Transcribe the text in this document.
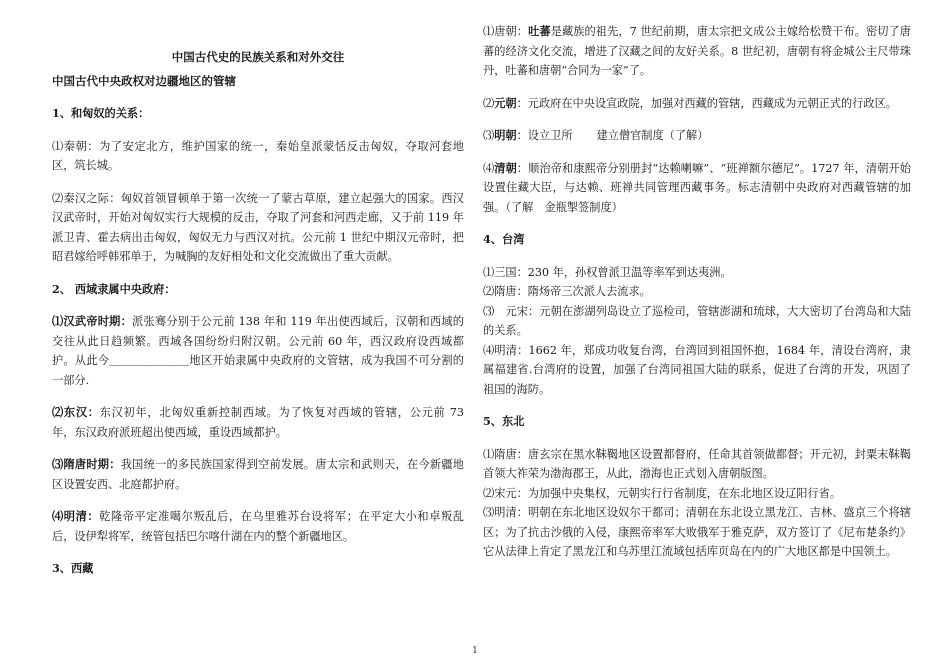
中国古代史的民族关系和对外交往

中国古代中央政权对边疆地区的管辖

1、和匈奴的关系：

⑴秦朝：为了安定北方，维护国家的统一，秦始皇派蒙恬反击匈奴，夺取河套地区，筑长城。

⑵秦汉之际：匈奴首领冒顿单于第一次统一了蒙古草原，建立起强大的国家。西汉汉武帝时，开始对匈奴实行大规模的反击，夺取了河套和河西走廊，又于前 119 年派卫青、霍去病出击匈奴，匈奴无力与西汉对抗。公元前 1 世纪中期汉元帝时，把昭君嫁给呼韩邪单于，为喊胸的友好相处和文化交流做出了重大贡献。

2、 西域隶属中央政府：

⑴汉武帝时期：派张骞分别于公元前 138 年和 119 年出使西域后，汉朝和西域的交往从此日趋频繁。西域各国纷纷归附汉朝。公元前 60 年，西汉政府设西域都护。从此今＿＿＿＿＿＿＿地区开始隶属中央政府的文管辖，成为我国不可分割的一部分.

⑵东汉：东汉初年，北匈奴重新控制西域。为了恢复对西域的管辖，公元前 73 年，东汉政府派班超出使西域，重设西域都护。

⑶隋唐时期：我国统一的多民族国家得到空前发展。唐太宗和武则天，在今新疆地区设置安西、北庭都护府。

⑷明清：乾隆帝平定准噶尔叛乱后，在乌里雅苏台设将军；在平定大小和卓叛乱后，设伊犁将军，统管包括巴尔喀什湖在内的整个新疆地区。

3、西藏

⑴唐朝：吐蕃是藏族的祖先，7 世纪前期，唐太宗把文成公主嫁给松赞干布。密切了唐蕃的经济文化交流，增进了汉藏之间的友好关系。8 世纪初，唐朝有将金城公主尺带珠丹，吐蕃和唐朝“合同为一家”了。

⑵元朝：元政府在中央设宣政院，加强对西藏的管辖，西藏成为元朝正式的行政区。

⑶明朝：设立卫所 建立僧官制度（了解）

⑷清朝：顺治帝和康熙帝分别册封“达赖喇嘛”、“班禅额尔德尼”。1727 年，清朝开始设置住藏大臣，与达赖、班禅共同管理西藏事务。标志清朝中央政府对西藏管辖的加强。（了解　金瓶掣签制度）

4、台湾

⑴三国：230 年，孙权曾派卫温等率军到达夷洲。

⑵隋唐：隋炀帝三次派人去流求。

⑶　元宋：元朝在澎湖列岛设立了巡检司，管辖澎湖和琉球，大大密切了台湾岛和大陆的关系。

⑷明清：1662 年，郑成功收复台湾，台湾回到祖国怀抱，1684 年，清设台湾府，隶属福建省.台湾府的设置，加强了台湾同祖国大陆的联系，促进了台湾的开发，巩固了祖国的海防。

5、东北

⑴隋唐：唐玄宗在黑水靺鞨地区设置都督府，任命其首领做都督；开元初，封粟末靺鞨首领大祚荣为渤海郡王，从此，渤海也正式划入唐朝版图。

⑵宋元：为加强中央集权，元朝实行行省制度，在东北地区设辽阳行省。

⑶明清：明朝在东北地区设奴尔干都司；清朝在东北设立黑龙江、吉林、盛京三个将辖区；为了抗击沙俄的入侵，康熙帝率军大败俄军于雅克萨，双方签订了《尼布楚条约》它从法律上肯定了黑龙江和乌苏里江流域包括库页岛在内的广大地区都是中国领土。

1
